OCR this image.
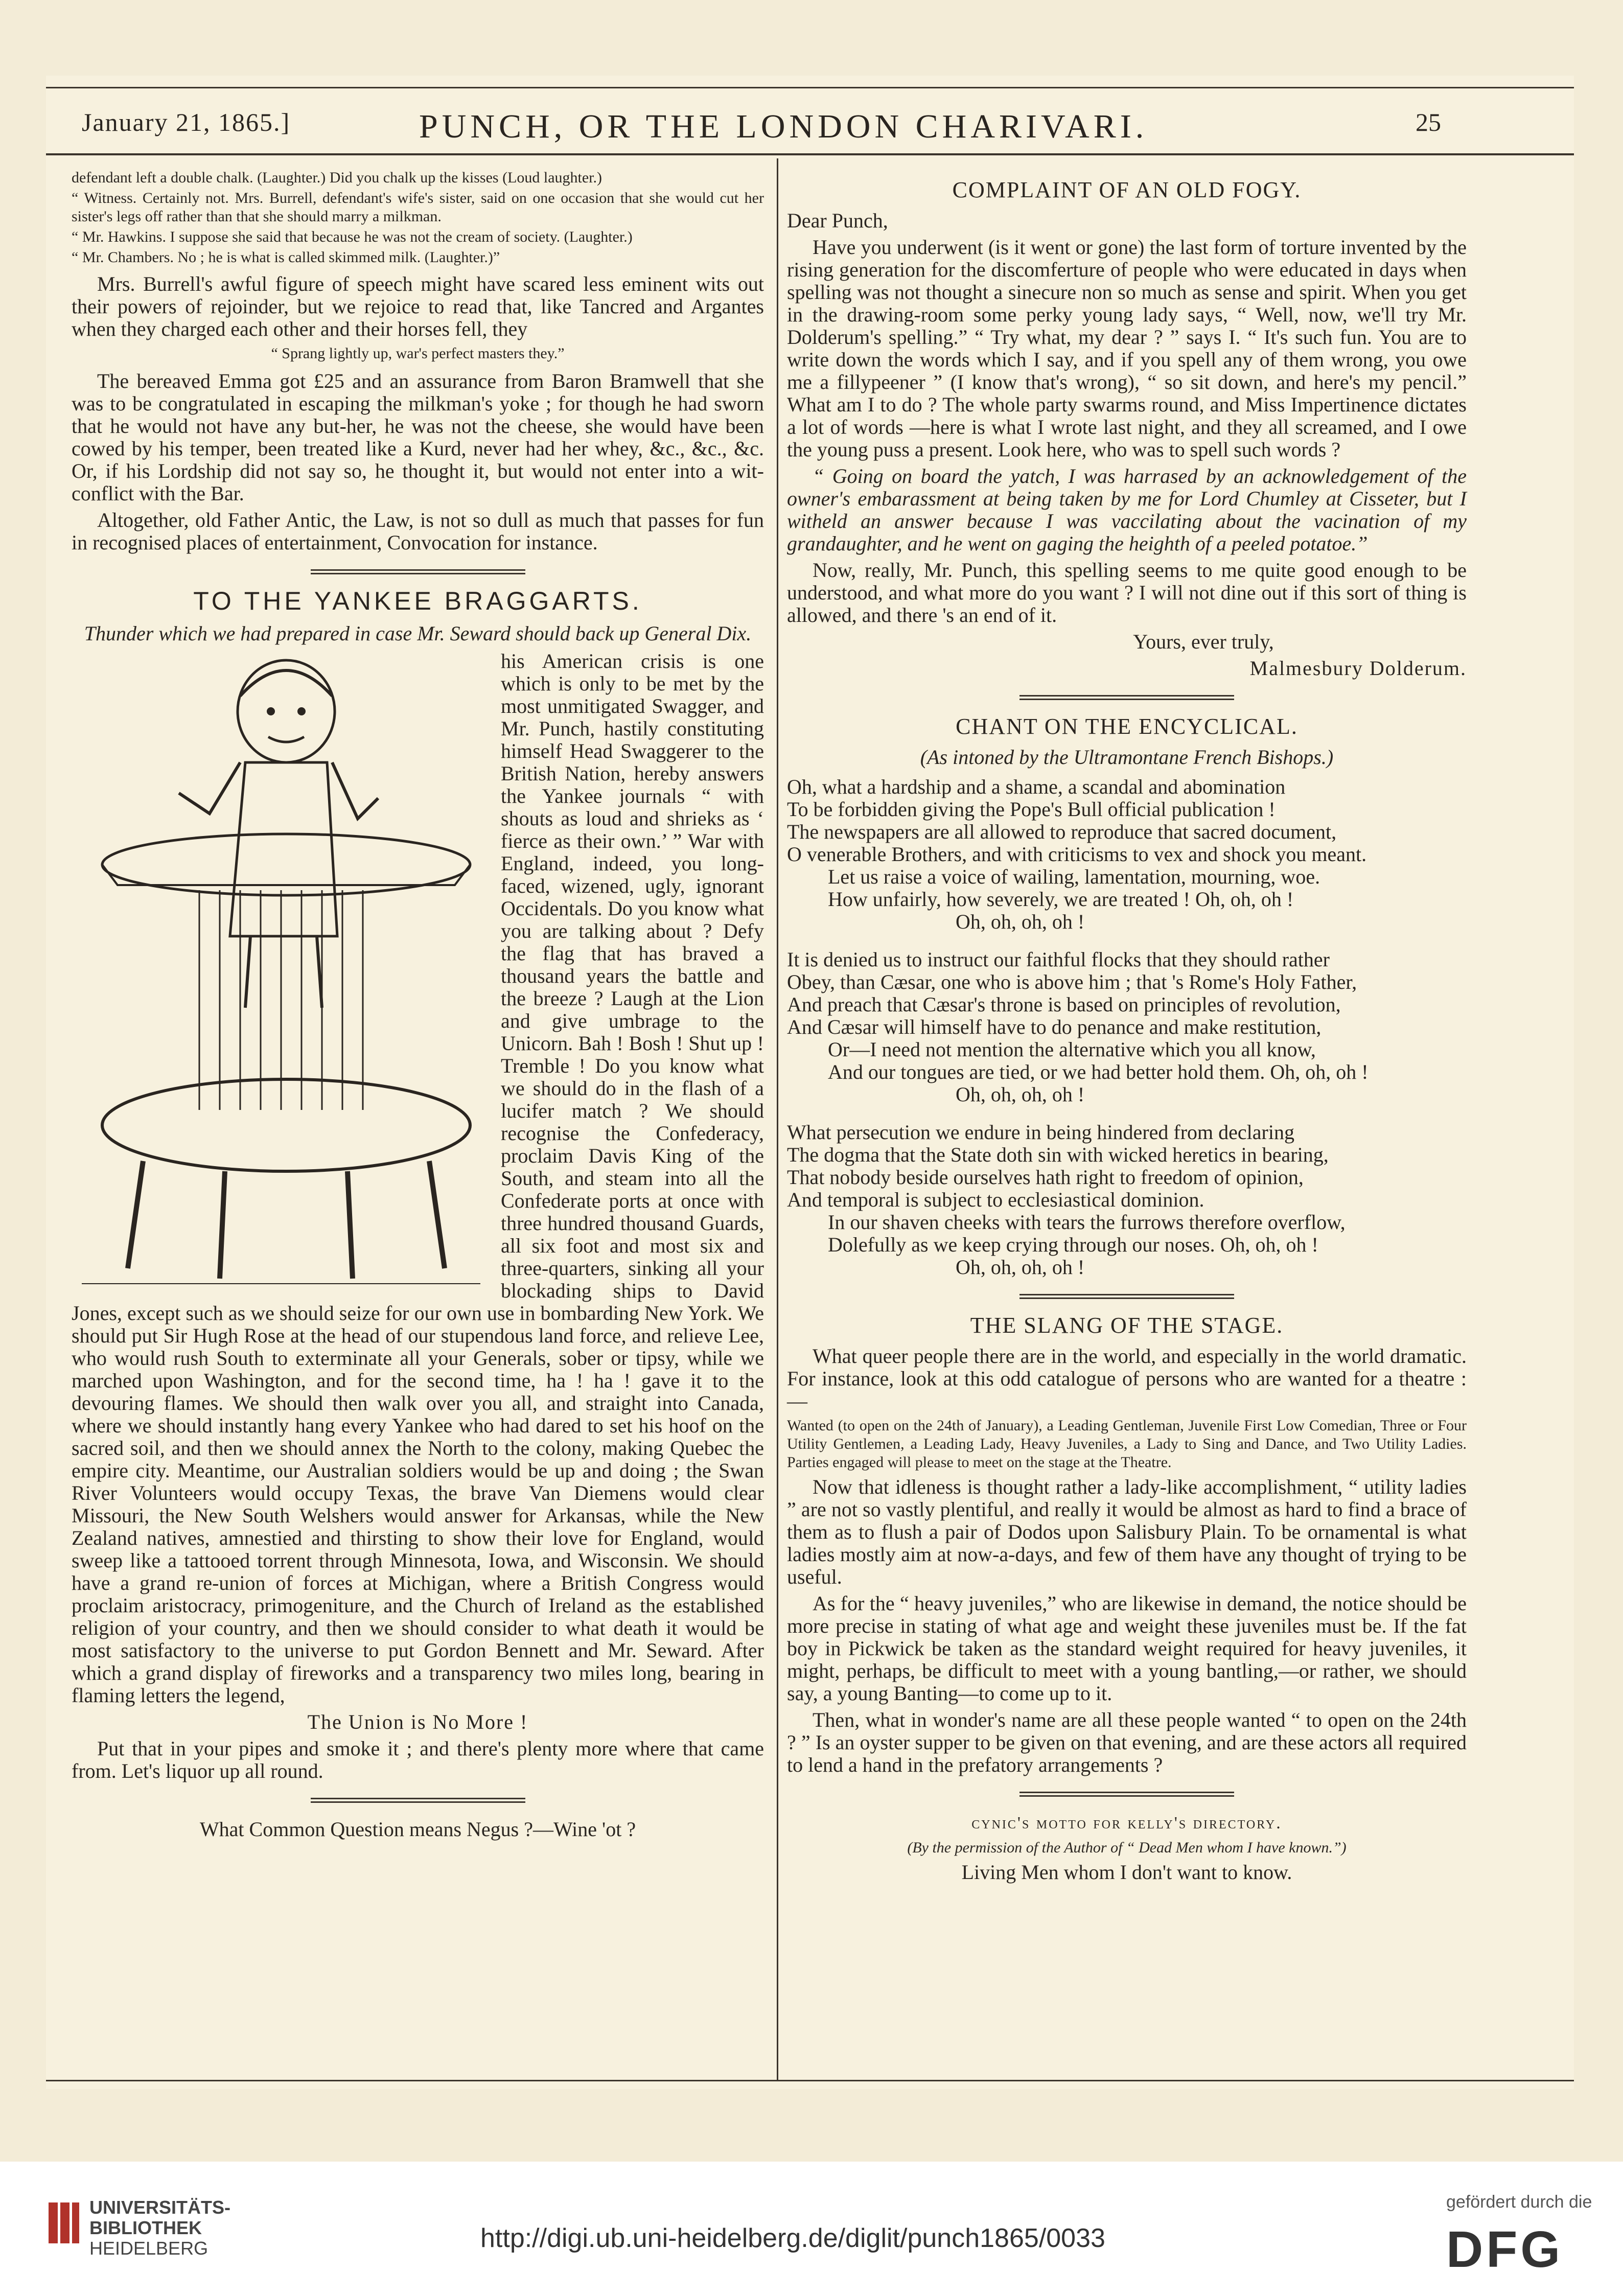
January 21, 1865.]	PUNCH, OR THE LONDON CHARIVARI.	25

defendant left a double chalk. (Laughter.) Did you chalk up the kisses (Loud laughter.)

“ Witness. Certainly not. Mrs. Burrell, defendant's wife's sister, said on one occasion that she would cut her sister's legs off rather than that she should marry a milkman.

“ Mr. Hawkins. I suppose she said that because he was not the cream of society. (Laughter.)

“ Mr. Chambers. No ; he is what is called skimmed milk. (Laughter.)”

Mrs. Burrell's awful figure of speech might have scared less eminent wits out their powers of rejoinder, but we rejoice to read that, like Tancred and Argantes when they charged each other and their horses fell, they

“ Sprang lightly up, war's perfect masters they.”

The bereaved Emma got £25 and an assurance from Baron Bramwell that she was to be congratulated in escaping the milkman's yoke ; for though he had sworn that he would not have any but-her, he was not the cheese, she would have been cowed by his temper, been treated like a Kurd, never had her whey, &c., &c., &c. Or, if his Lordship did not say so, he thought it, but would not enter into a wit-conflict with the Bar.

Altogether, old Father Antic, the Law, is not so dull as much that passes for fun in recognised places of entertainment, Convocation for instance.

TO THE YANKEE BRAGGARTS.

Thunder which we had prepared in case Mr. Seward should back up General Dix.

his American crisis is one which is only to be met by the most unmitigated Swagger, and Mr. Punch, hastily constituting himself Head Swaggerer to the British Nation, hereby answers the Yankee journals “ with shouts as loud and shrieks as ‘ fierce as their own.’ ” War with England, indeed, you long-faced, wizened, ugly, ignorant Occidentals. Do you know what you are talking about ? Defy the flag that has braved a thousand years the battle and the breeze ? Laugh at the Lion and give umbrage to the Unicorn. Bah ! Bosh ! Shut up ! Tremble ! Do you know what we should do in the flash of a lucifer match ? We should recognise the Confederacy, proclaim Davis King of the South, and steam into all the Confederate ports at once with three hundred thousand Guards, all six foot and most six and three-quarters, sinking all your blockading ships to David Jones, except such as we should seize for our own use in bombarding New York. We should put Sir Hugh Rose at the head of our stupendous land force, and relieve Lee, who would rush South to exterminate all your Generals, sober or tipsy, while we marched upon Washington, and for the second time, ha ! ha ! gave it to the devouring flames. We should then walk over you all, and straight into Canada, where we should instantly hang every Yankee who had dared to set his hoof on the sacred soil, and then we should annex the North to the colony, making Quebec the empire city. Meantime, our Australian soldiers would be up and doing ; the Swan River Volunteers would occupy Texas, the brave Van Diemens would clear Missouri, the New South Welshers would answer for Arkansas, while the New Zealand natives, amnestied and thirsting to show their love for England, would sweep like a tattooed torrent through Minnesota, Iowa, and Wisconsin. We should have a grand re-union of forces at Michigan, where a British Congress would proclaim aristocracy, primogeniture, and the Church of Ireland as the established religion of your country, and then we should consider to what death it would be most satisfactory to the universe to put Gordon Bennett and Mr. Seward. After which a grand display of fireworks and a transparency two miles long, bearing in flaming letters the legend,

The Union is No More !

Put that in your pipes and smoke it ; and there's plenty more where that came from. Let's liquor up all round.

What Common Question means Negus ?—Wine 'ot ?

COMPLAINT OF AN OLD FOGY.

Dear Punch,

Have you underwent (is it went or gone) the last form of torture invented by the rising generation for the discomferture of people who were educated in days when spelling was not thought a sinecure non so much as sense and spirit. When you get in the drawing-room some perky young lady says, “ Well, now, we'll try Mr. Dolderum's spelling.” “ Try what, my dear ? ” says I. “ It's such fun. You are to write down the words which I say, and if you spell any of them wrong, you owe me a fillypeener ” (I know that's wrong), “ so sit down, and here's my pencil.” What am I to do ? The whole party swarms round, and Miss Impertinence dictates a lot of words —here is what I wrote last night, and they all screamed, and I owe the young puss a present. Look here, who was to spell such words ?

“ Going on board the yatch, I was harrased by an acknowledgement of the owner's embarassment at being taken by me for Lord Chumley at Cisseter, but I witheld an answer because I was vaccilating about the vacination of my grandaughter, and he went on gaging the heighth of a peeled potatoe.”

Now, really, Mr. Punch, this spelling seems to me quite good enough to be understood, and what more do you want ? I will not dine out if this sort of thing is allowed, and there 's an end of it.

Yours, ever truly,

Malmesbury Dolderum.

CHANT ON THE ENCYCLICAL.

(As intoned by the Ultramontane French Bishops.)

Oh, what a hardship and a shame, a scandal and abomination

To be forbidden giving the Pope's Bull official publication !

The newspapers are all allowed to reproduce that sacred document,

O venerable Brothers, and with criticisms to vex and shock you meant.

Let us raise a voice of wailing, lamentation, mourning, woe.

How unfairly, how severely, we are treated ! Oh, oh, oh !

Oh, oh, oh, oh !

It is denied us to instruct our faithful flocks that they should rather

Obey, than Cæsar, one who is above him ; that 's Rome's Holy Father,

And preach that Cæsar's throne is based on principles of revolution,

And Cæsar will himself have to do penance and make restitution,

Or—I need not mention the alternative which you all know,

And our tongues are tied, or we had better hold them. Oh, oh, oh !

Oh, oh, oh, oh !

What persecution we endure in being hindered from declaring

The dogma that the State doth sin with wicked heretics in bearing,

That nobody beside ourselves hath right to freedom of opinion,

And temporal is subject to ecclesiastical dominion.

In our shaven cheeks with tears the furrows therefore overflow,

Dolefully as we keep crying through our noses. Oh, oh, oh !

Oh, oh, oh, oh !

THE SLANG OF THE STAGE.

What queer people there are in the world, and especially in the world dramatic. For instance, look at this odd catalogue of persons who are wanted for a theatre :—

Wanted (to open on the 24th of January), a Leading Gentleman, Juvenile First Low Comedian, Three or Four Utility Gentlemen, a Leading Lady, Heavy Juveniles, a Lady to Sing and Dance, and Two Utility Ladies. Parties engaged will please to meet on the stage at the Theatre.

Now that idleness is thought rather a lady-like accomplishment, “ utility ladies ” are not so vastly plentiful, and really it would be almost as hard to find a brace of them as to flush a pair of Dodos upon Salisbury Plain. To be ornamental is what ladies mostly aim at now-a-days, and few of them have any thought of trying to be useful.

As for the “ heavy juveniles,” who are likewise in demand, the notice should be more precise in stating of what age and weight these juveniles must be. If the fat boy in Pickwick be taken as the standard weight required for heavy juveniles, it might, perhaps, be difficult to meet with a young bantling,—or rather, we should say, a young Banting—to come up to it.

Then, what in wonder's name are all these people wanted “ to open on the 24th ? ” Is an oyster supper to be given on that evening, and are these actors all required to lend a hand in the prefatory arrangements ?

cynic's motto for kelly's directory.

(By the permission of the Author of “ Dead Men whom I have known.”)

Living Men whom I don't want to know.

UNIVERSITÄTS-
BIBLIOTHEK
HEIDELBERG	http://digi.ub.uni-heidelberg.de/diglit/punch1865/0033
gefördert durch die
DFG
